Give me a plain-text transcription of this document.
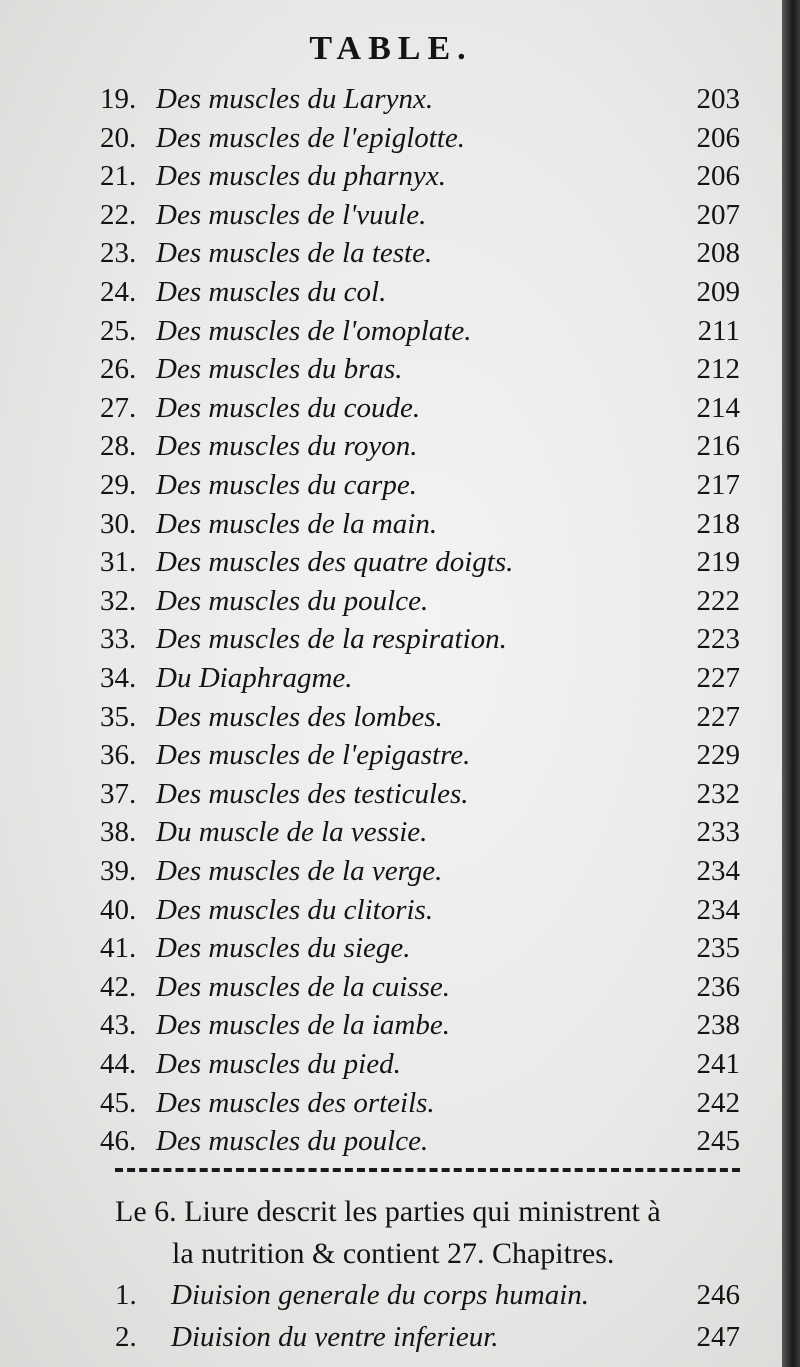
TABLE.
19. Des muscles du Larynx.	203
20. Des muscles de l'epiglotte.	206
21. Des muscles du pharnyx.	206
22. Des muscles de l'vuule.	207
23. Des muscles de la teste.	208
24. Des muscles du col.	209
25. Des muscles de l'omoplate.	211
26. Des muscles du bras.	212
27. Des muscles du coude.	214
28. Des muscles du royon.	216
29. Des muscles du carpe.	217
30. Des muscles de la main.	218
31. Des muscles des quatre doigts.	219
32. Des muscles du poulce.	222
33. Des muscles de la respiration.	223
34. Du Diaphragme.	227
35. Des muscles des lombes.	227
36. Des muscles de l'epigastre.	229
37. Des muscles des testicules.	232
38. Du muscle de la vessie.	233
39. Des muscles de la verge.	234
40. Des muscles du clitoris.	234
41. Des muscles du siege.	235
42. Des muscles de la cuisse.	236
43. Des muscles de la iambe.	238
44. Des muscles du pied.	241
45. Des muscles des orteils.	242
46. Des muscles du poulce.	245
Le 6. Liure descrit les parties qui ministrent à
la nutrition & contient 27. Chapitres.
1. Diuision generale du corps humain.	246
2. Diuision du ventre inferieur.	247
